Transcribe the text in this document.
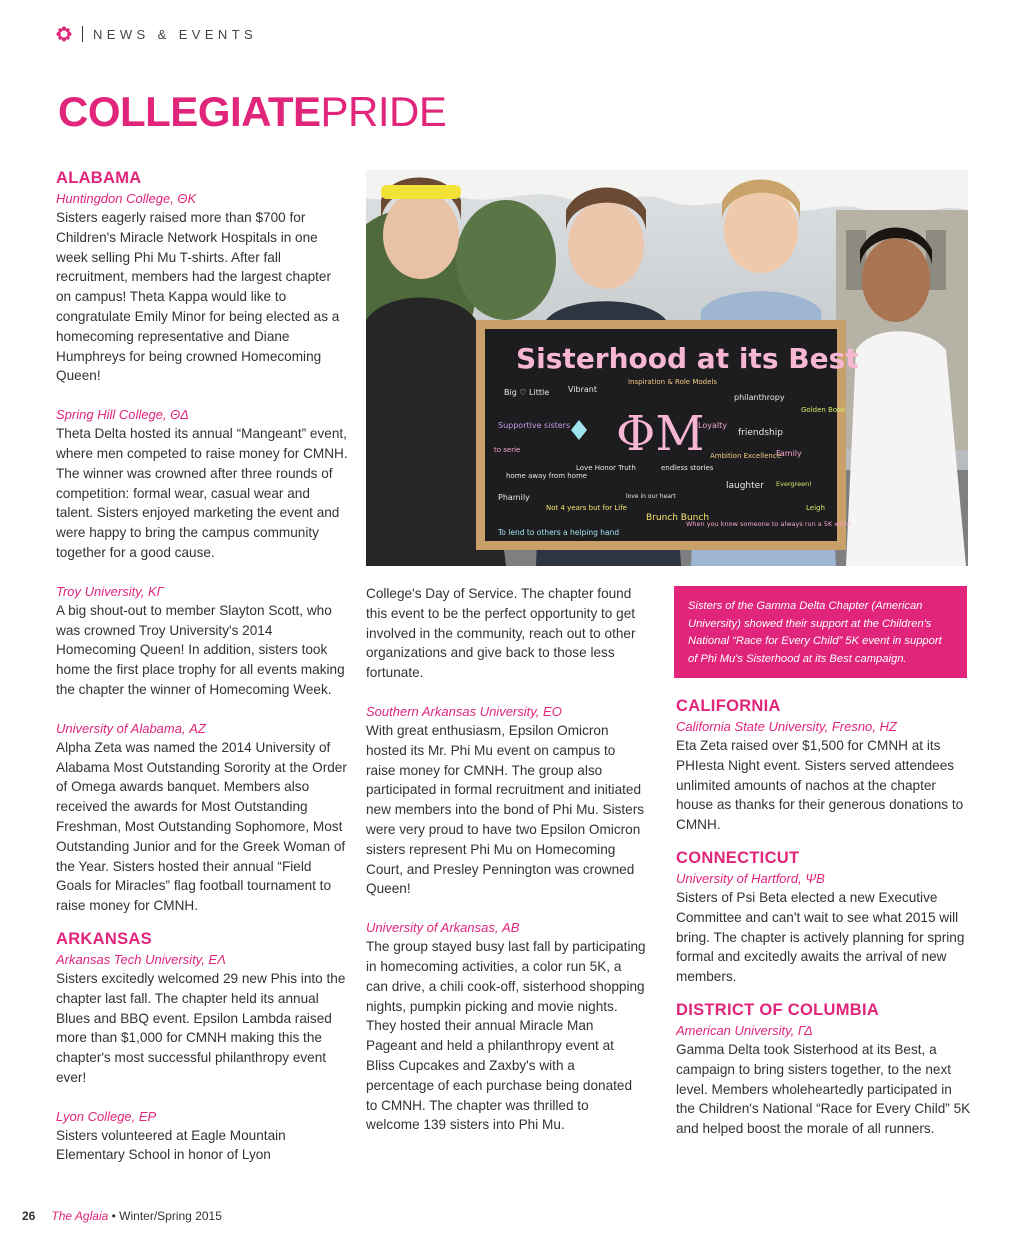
NEWS & EVENTS
COLLEGIATEPRIDE

ALABAMA

Huntingdon College, ΘΚ

Sisters eagerly raised more than $700 for Children's Miracle Network Hospitals in one week selling Phi Mu T-shirts. After fall recruitment, members had the largest chapter on campus! Theta Kappa would like to congratulate Emily Minor for being elected as a homecoming representative and Diane Humphreys for being crowned Homecoming Queen!

Spring Hill College, ΘΔ

Theta Delta hosted its annual “Mangeant” event, where men competed to raise money for CMNH. The winner was crowned after three rounds of competition: formal wear, casual wear and talent. Sisters enjoyed marketing the event and were happy to bring the campus community together for a good cause.

Troy University, ΚΓ

A big shout-out to member Slayton Scott, who was crowned Troy University's 2014 Homecoming Queen! In addition, sisters took home the first place trophy for all events making the chapter the winner of Homecoming Week.

University of Alabama, ΑΖ

Alpha Zeta was named the 2014 University of Alabama Most Outstanding Sorority at the Order of Omega awards banquet. Members also received the awards for Most Outstanding Freshman, Most Outstanding Sophomore, Most Outstanding Junior and for the Greek Woman of the Year. Sisters hosted their annual “Field Goals for Miracles” flag football tournament to raise money for CMNH.

ARKANSAS

Arkansas Tech University, ΕΛ

Sisters excitedly welcomed 29 new Phis into the chapter last fall. The chapter held its annual Blues and BBQ event. Epsilon Lambda raised more than $1,000 for CMNH making this the chapter's most successful philanthropy event ever!

Lyon College, ΕΡ

Sisters volunteered at Eagle Mountain Elementary School in honor of Lyon

Sisterhood at its Best
ΦΜ
Big ♡ Little Vibrant
Inspiration & Role Models
philanthropy
Golden Book
Supportive sisters	Loyalty
friendship
to serie
Ambition Excellence
Family
home away from home
Love Honor Truth	endless stories
laughter
Phamily
Not 4 years but for Life
love in our heart
Brunch Bunch
When you know someone to always run a 5K with!
To lend to others a helping hand
Evergreen!
Leigh

College's Day of Service. The chapter found this event to be the perfect opportunity to get involved in the community, reach out to other organizations and give back to those less fortunate.

Southern Arkansas University, ΕΟ

With great enthusiasm, Epsilon Omicron hosted its Mr. Phi Mu event on campus to raise money for CMNH. The group also participated in formal recruitment and initiated new members into the bond of Phi Mu. Sisters were very proud to have two Epsilon Omicron sisters represent Phi Mu on Homecoming Court, and Presley Pennington was crowned Queen!

University of Arkansas, ΑΒ

The group stayed busy last fall by participating in homecoming activities, a color run 5K, a can drive, a chili cook-off, sisterhood shopping nights, pumpkin picking and movie nights. They hosted their annual Miracle Man Pageant and held a philanthropy event at Bliss Cupcakes and Zaxby's with a percentage of each purchase being donated to CMNH. The chapter was thrilled to welcome 139 sisters into Phi Mu.

Sisters of the Gamma Delta Chapter (American University) showed their support at the Children's National “Race for Every Child” 5K event in support of Phi Mu's Sisterhood at its Best campaign.

CALIFORNIA

California State University, Fresno, ΗΖ

Eta Zeta raised over $1,500 for CMNH at its PHIesta Night event. Sisters served attendees unlimited amounts of nachos at the chapter house as thanks for their generous donations to CMNH.

CONNECTICUT

University of Hartford, ΨΒ

Sisters of Psi Beta elected a new Executive Committee and can't wait to see what 2015 will bring. The chapter is actively planning for spring formal and excitedly awaits the arrival of new members.

DISTRICT OF COLUMBIA

American University, ΓΔ

Gamma Delta took Sisterhood at its Best, a campaign to bring sisters together, to the next level. Members wholeheartedly participated in the Children's National “Race for Every Child” 5K and helped boost the morale of all runners.

26 The Aglaia • Winter/Spring 2015
